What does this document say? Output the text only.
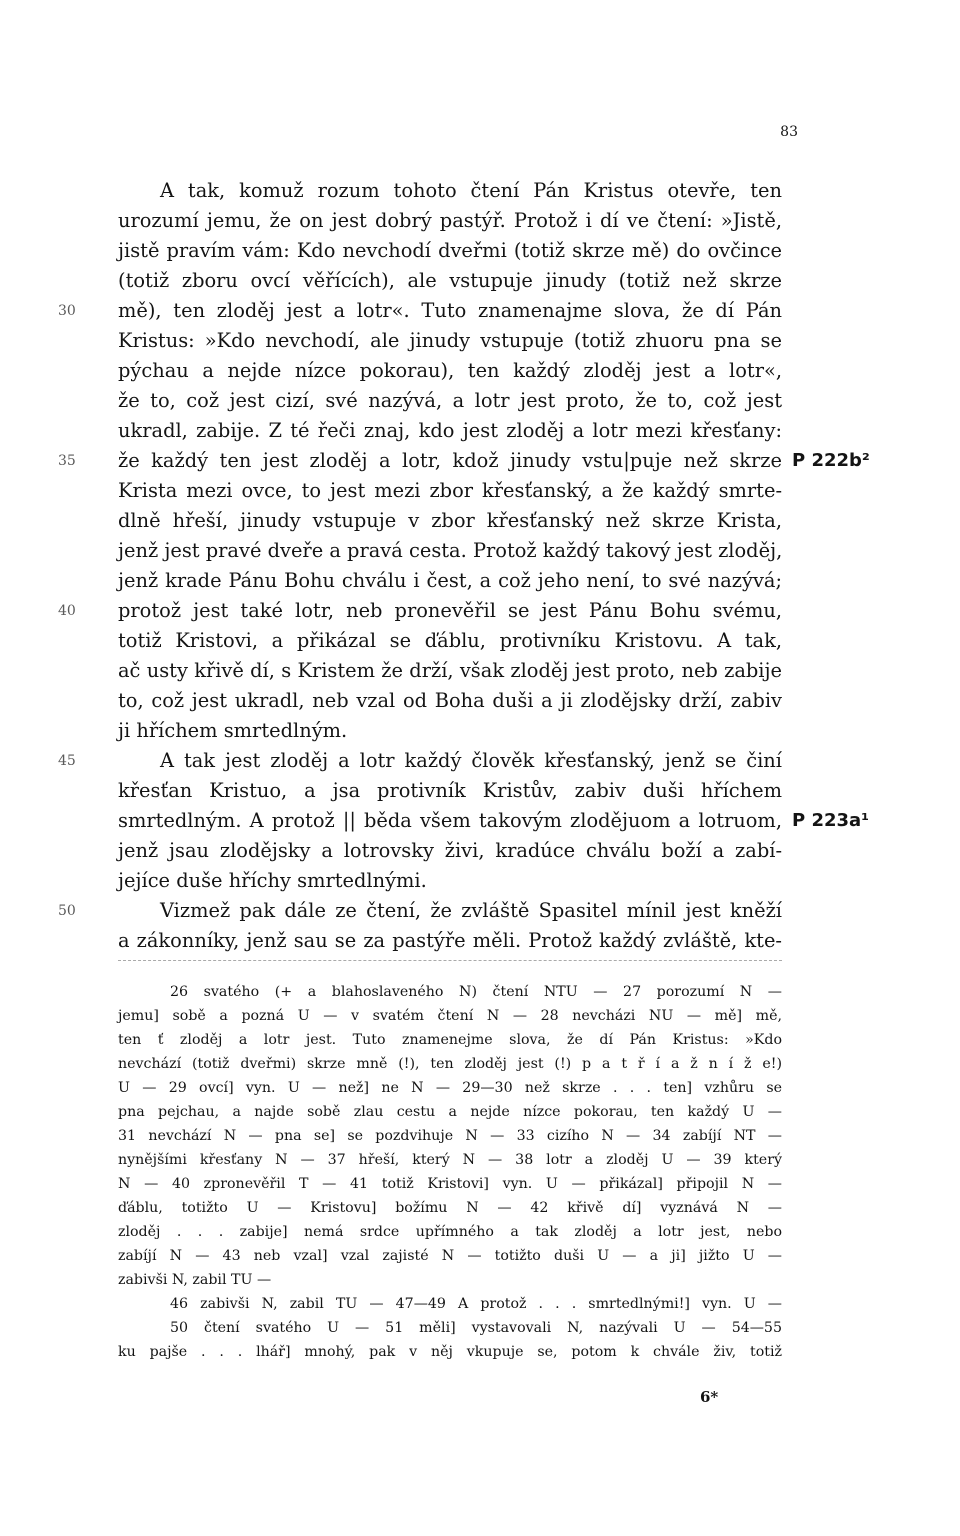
83
A tak, komuž rozum tohoto čtení Pán Kristus otevře, ten
urozumí jemu, že on jest dobrý pastýř. Protož i dí ve čtení: »Jistě,
jistě pravím vám: Kdo nevchodí dveřmi (totiž skrze mě) do ovčince
(totiž zboru ovcí věřících), ale vstupuje jinudy (totiž než skrze
30	mě), ten zloděj jest a lotr«. Tuto znamenajme slova, že dí Pán
Kristus: »Kdo nevchodí, ale jinudy vstupuje (totiž zhuoru pna se
pýchau a nejde nízce pokorau), ten každý zloděj jest a lotr«,
že to, což jest cizí, své nazývá, a lotr jest proto, že to, což jest
ukradl, zabije. Z té řeči znaj, kdo jest zloděj a lotr mezi křesťany:
35	že každý ten jest zloděj a lotr, kdož jinudy vstu|puje než skrze P 222b²
Krista mezi ovce, to jest mezi zbor křesťanský, a že každý smrte-
dlně hřeší, jinudy vstupuje v zbor křesťanský než skrze Krista,
jenž jest pravé dveře a pravá cesta. Protož každý takový jest zloděj,
jenž krade Pánu Bohu chválu i čest, a což jeho není, to své nazývá;
40	protož jest také lotr, neb pronevěřil se jest Pánu Bohu svému,
totiž Kristovi, a přikázal se ďáblu, protivníku Kristovu. A tak,
ač usty křivě dí, s Kristem že drží, však zloděj jest proto, neb zabije
to, což jest ukradl, neb vzal od Boha duši a ji zlodějsky drží, zabiv
ji hříchem smrtedlným.
45	A tak jest zloděj a lotr každý člověk křesťanský, jenž se činí
křesťan Kristuo, a jsa protivník Kristův, zabiv duši hříchem
smrtedlným. A protož || běda všem takovým zlodějuom a lotruom, P 223a¹
jenž jsau zlodějsky a lotrovsky živi, kradúce chválu boží a zabí-
jejíce duše hříchy smrtedlnými.
50	Vizmež pak dále ze čtení, že zvláště Spasitel mínil jest kněží
a zákonníky, jenž sau se za pastýře měli. Protož každý zvláště, kte-
26 svatého (+ a blahoslaveného N) čtení NTU — 27 porozumí N —
jemu] sobě a pozná U — v svatém čtení N — 28 nevcházi NU — mě] mě,
ten ť zloděj a lotr jest. Tuto znamenejme slova, že dí Pán Kristus: »Kdo
nevchází (totiž dveřmi) skrze mně (!), ten zloděj jest (!) p a t ř í a ž n í ž e!)
U — 29 ovcí] vyn. U — než] ne N — 29—30 než skrze . . . ten] vzhůru se
pna pejchau, a najde sobě zlau cestu a nejde nízce pokorau, ten každý U —
31 nevchází N — pna se] se pozdvihuje N — 33 cizího N — 34 zabíjí NT —
nynějšími křesťany N — 37 hřeší, který N — 38 lotr a zloděj U — 39 který
N — 40 zpronevěřil T — 41 totiž Kristovi] vyn. U — přikázal] připojil N —
ďáblu, totižto U — Kristovu] božímu N — 42 křivě dí] vyznává N —
zloděj . . . zabije] nemá srdce upřímného a tak zloděj a lotr jest, nebo
zabíjí N — 43 neb vzal] vzal zajisté N — totižto duši U — a ji] jižto U —
zabivši N, zabil TU —
46 zabivši N, zabil TU — 47—49 A protož . . . smrtedlnými!] vyn. U —
50 čtení svatého U — 51 měli] vystavovali N, nazývali U — 54—55
ku pajše . . . lhář] mnohý, pak v něj vkupuje se, potom k chvále živ, totiž
6*
